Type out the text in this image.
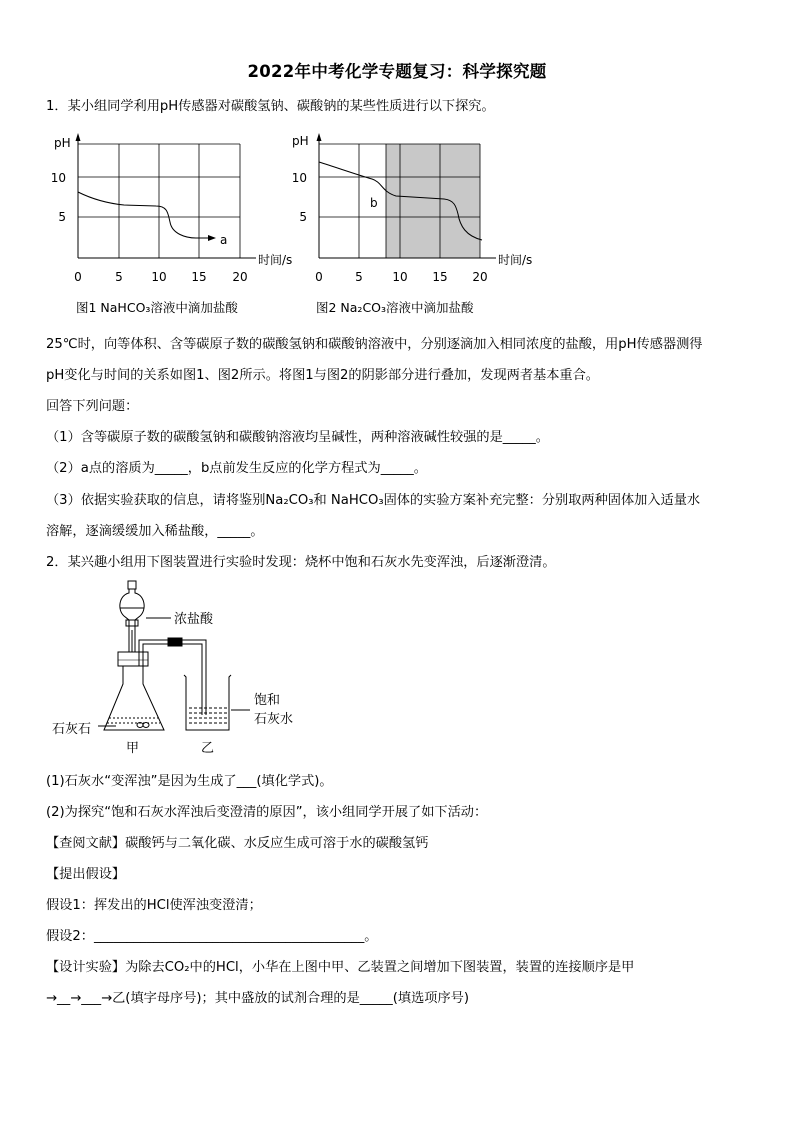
2022年中考化学专题复习：科学探究题
1．某小组同学利用pH传感器对碳酸氢钠、碳酸钠的某些性质进行以下探究。
pH
a
10
5
0	5 10 15 20
时间/s
图1 NaHCO₃溶液中滴加盐酸
pH
b
10
5
0	5 10 15 20
时间/s
图2 Na₂CO₃溶液中滴加盐酸
25℃时，向等体积、含等碳原子数的碳酸氢钠和碳酸钠溶液中，分别逐滴加入相同浓度的盐酸，用pH传感器测得
pH变化与时间的关系如图1、图2所示。将图1与图2的阴影部分进行叠加，发现两者基本重合。
回答下列问题：
（1）含等碳原子数的碳酸氢钠和碳酸钠溶液均呈碱性，两种溶液碱性较强的是_____。
（2）a点的溶质为_____，b点前发生反应的化学方程式为_____。
（3）依据实验获取的信息，请将鉴别Na₂CO₃和 NaHCO₃固体的实验方案补充完整：分别取两种固体加入适量水
溶解，逐滴缓缓加入稀盐酸，_____。
2．某兴趣小组用下图装置进行实验时发现：烧杯中饱和石灰水先变浑浊，后逐渐澄清。
浓盐酸
石灰石
甲
饱和
石灰水
乙
(1)石灰水“变浑浊”是因为生成了___(填化学式)。
(2)为探究“饱和石灰水浑浊后变澄清的原因”，该小组同学开展了如下活动：
【查阅文献】碳酸钙与二氧化碳、水反应生成可溶于水的碳酸氢钙
【提出假设】
假设1：挥发出的HCl使浑浊变澄清；
假设2：_________________________________________。
【设计实验】为除去CO₂中的HCl，小华在上图中甲、乙装置之间增加下图装置，装置的连接顺序是甲
→__→___→乙(填字母序号)；其中盛放的试剂合理的是_____(填选项序号)
